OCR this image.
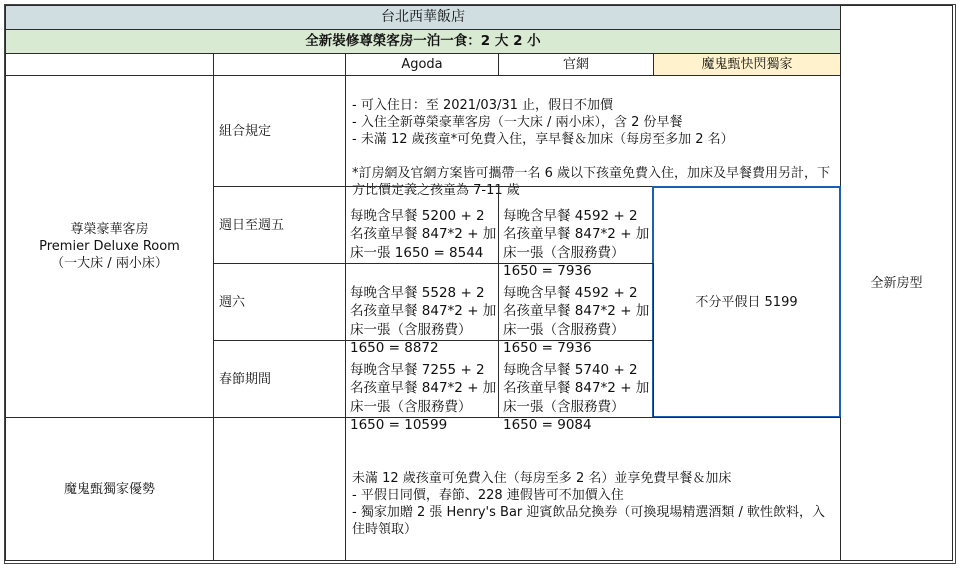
台北西華飯店
全新房型
全新裝修尊榮客房一泊一食：2 大 2 小
Agoda	官網	魔鬼甄快閃獨家
尊榮豪華客房
Premier Deluxe Room
（一大床 / 兩小床）
組合規定

- 可入住日：至 2021/03/31 止，假日不加價
- 入住全新尊榮豪華客房（一大床 / 兩小床），含 2 份早餐
- 未滿 12 歲孩童*可免費入住，享早餐＆加床（每房至多加 2 名）

*訂房網及官網方案皆可攜帶一名 6 歲以下孩童免費入住，加床及早餐費用另計，下方比價定義之孩童為 7-11 歲

週日至週五

每晚含早餐 5200 + 2 名孩童早餐 847*2 + 加床一張 1650 = 8544

每晚含早餐 4592 + 2 名孩童早餐 847*2 + 加床一張（含服務費） 1650 = 7936

不分平假日 5199
週六

每晚含早餐 5528 + 2 名孩童早餐 847*2 + 加床一張（含服務費） 1650 = 8872

每晚含早餐 4592 + 2 名孩童早餐 847*2 + 加床一張（含服務費） 1650 = 7936

春節期間

每晚含早餐 7255 + 2 名孩童早餐 847*2 + 加床一張（含服務費） 1650 = 10599

每晚含早餐 5740 + 2 名孩童早餐 847*2 + 加床一張（含服務費） 1650 = 9084

魔鬼甄獨家優勢

未滿 12 歲孩童可免費入住（每房至多 2 名）並享免費早餐＆加床
- 平假日同價，春節、228 連假皆可不加價入住
- 獨家加贈 2 張 Henry's Bar 迎賓飲品兌換券（可換現場精選酒類 / 軟性飲料，入住時領取）
